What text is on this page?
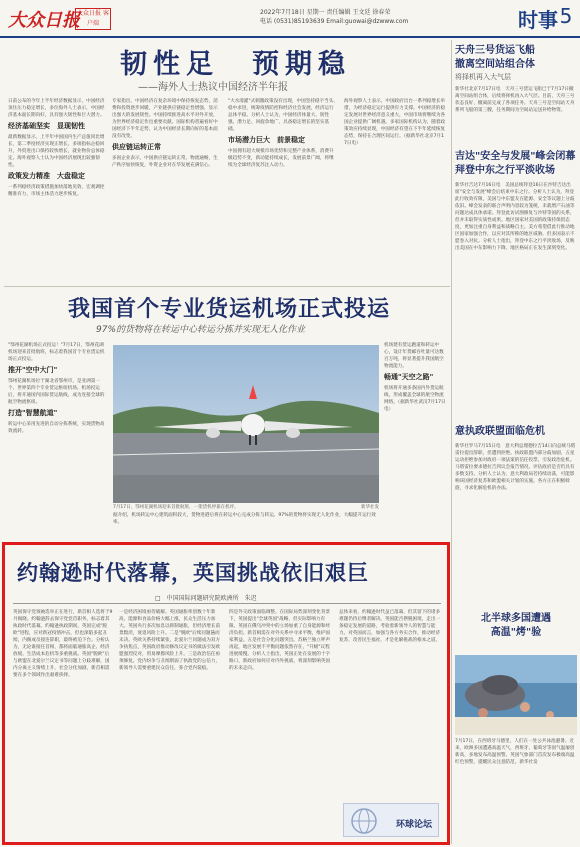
大众日报
大众日报 客户端
2022年7月18日 星期一 责任编辑 王文廷 徐春荣
电话 (0531)85193639 Email:guowai@dzwww.com	时事 5
韧性足　预期稳
——海外人士热议中国经济半年报
日前公布的今年上半年经济数据显示，中国经济顶住压力稳定增长，多位海外人士表示，中国经济基本面长期向好，具有强大韧性和巨大潜力。
经济基础坚实　显现韧性
最新数据显示，上半年中国国内生产总值同比增长，第二季度经济实现正增长，多项指标企稳回升，外贸进出口保持较快增长，就业物价总体稳定。海外观察人士认为中国经济展现出较强韧性。
政策发力精准　大盘稳定
一系列稳经济政策措施加快落地见效，宏观调控精准有力，市场主体活力逐步恢复。
专家指出，中国经济在复杂环境中保持恢复态势，消费和投资逐步回暖，产业链供应链稳定性增强，显示出强大的发展韧性。中国持续推进高水平对外开放，为世界经济稳定作出重要贡献。国际机构普遍看好中国经济下半年走势，认为中国经济长期向好的基本面没有改变。
供应链运转正常
多国企业表示，中国供应链运转正常，物流通畅，生产秩序加快恢复，外资企业对在华发展充满信心。
"大水漫灌"式刺激政策没有出现，中国坚持稳字当头、稳中求进，统筹疫情防控和经济社会发展，经济运行总体平稳。分析人士认为，中国经济体量大、韧性强、潜力足、回旋余地广，具备稳定增长的坚实基础。
市场潜力巨大　前景稳定
中国拥有超大规模市场优势和完整产业体系，消费升级趋势不变，新动能持续成长，发展前景广阔，将继续为全球经济复苏注入动力。
海外观察人士表示，中国政府出台一系列稳增长举措，为经济稳定运行提供有力支撑。中国经济的稳定发展对世界经济意义重大，中国市场将继续为各国企业提供广阔机遇。多家国际机构认为，随着政策效应持续显现，中国经济有望在下半年延续恢复态势，保持在合理区间运行。（据新华社北京7月17日电）
天舟三号货运飞船
撤离空间站组合体
将择机再入大气层
新华社北京7月17日电　天舟三号货运飞船已于7月17日撤离空间站组合体，后续将择机再入大气层。目前，天舟三号状态良好，撤离前完成了各项任务。天舟三号是空间站天舟系列飞船的第三艘，任务期间为空间站运送补给物资。
吉达"安全与发展"峰会闭幕
拜登中东之行平淡收场
新华社吉达7月16日电　美国总统拜登16日在沙特吉达出席"安全与发展"峰会后结束中东之行。分析人士认为，拜登此行收效有限，美国与中东盟友在能源、安全等议题上分歧依旧。峰会发表的联合声明内容较为笼统，未就增产石油等问题达成具体承诺。拜登此访试图修复与沙特等国的关系，但并未取得实质性成果。地区国家对美国的政策持保留态度，更加注重自身利益和战略自主。美方希望借此行推动地区国家加强合作，以应对其所称的地区威胁，但多国表示不愿卷入对抗。分析人士指出，拜登中东之行平淡收场，反映出美国在中东影响力下降，地区格局正在发生深刻变化。
意执政联盟面临危机
新华社罗马7月15日电　意大利总理德拉吉14日向总统马塔雷拉提出辞职，但遭到拒绝。执政联盟内部分歧加剧，五星运动拒绝参加对政府一项法案的信任投票，引发政治危机。马塔雷拉要求德拉吉到议会报告情况，评估政府是否仍具有多数支持。分析人士认为，意大利政局若持续动荡，可能影响该国经济复苏和欧盟相关计划的实施。各方正在积极斡旋，寻求化解危机的办法。
北半球多国遭遇
高温"烤"验
7月17日，在西班牙马德里，人们在一处公共泳池避暑。近来，欧洲多国遭遇高温天气，西班牙、葡萄牙等国气温屡创新高，多地发布高温预警。英国气象部门首次发布极端高温红色预警，提醒民众注意防范。新华社发
我国首个专业货运机场正式投运
97%的货物将在转运中心转运分拣并实现无人化作业
"鄂州花湖机场正式投运！"7月17日，鄂州花湖机场迎来首批航班，标志着我国首个专业货运机场正式投运。
推开"空中大门"
鄂州花湖机场位于湖北省鄂州市，是亚洲第一个、世界第四个专业货运枢纽机场。机场投运后，将开通国内国际货运航线，成为连接全球的航空物流枢纽。
打造"智慧航道"
转运中心采用先进的自动分拣系统，实现货物高效流转。
7月17日，鄂州花湖机场迎来首批航班，一架货机停靠在机坪。	新华社发
机场建有货运跑道和转运中心，设计年货邮吞吐量可达数百万吨，将显著提升我国航空物流能力。
畅通"天空之路"
机场将开通多条国内外货运航线，形成覆盖全球的航空物流网络。（据新华社武汉7月17日电）
据介绍，机场转运中心建筑面积较大，货物进港后将在转运中心完成分拣与转运，97%的货物将实现无人化作业，大幅提升运行效率。
约翰逊时代落幕，英国挑战依旧艰巨
□　中国国际问题研究院欧洲所　朱迟
英国保守党领袖选举正在进行，新首相人选将于9月揭晓。约翰逊辞去保守党党首职务，标志着其执政时代落幕。约翰逊执政期间，英国完成"脱欧"进程，应对新冠疫情冲击，但也深陷多起丑闻，内阁成员接连辞职，最终被迫下台。分析认为，无论谁接任首相，都将面临通胀高企、经济放缓、生活成本危机等多重挑战。英国"脱欧"后与欧盟在北爱尔兰议定书等问题上分歧难解，国内分离主义情绪上升，社会分化加剧，新首相需要在多个领域作出艰难抉择。
一是经济困境亟待破解。英国通胀率创数十年新高，能源和食品价格大幅上涨，民众生活压力加大。英国央行多次加息以抑制通胀，但经济增长前景黯淡，衰退风险上升。二是"脱欧"后续问题悬而未决。英欧关系持续紧张，北爱尔兰问题成为双方争执焦点，英国政府推动修改议定书的做法引发欧盟强烈反对，贸易摩擦风险上升。三是政治信任亟须修复。党内纷争与丑闻削弱了执政党的公信力，新领导人需要重建民众信任，弥合党内裂痕。
四是外交政策面临调整。在国际局势深刻变化背景下，英国提出"全球英国"战略，但实际影响力有限。英国在俄乌冲突中的立场加重了自身能源和经济负担。新首相需在对外关系中寻求平衡，维护国家利益。五是社会分化问题突出。苏格兰独立呼声再起，地区发展不平衡问题依然存在，"升级"议程进展缓慢。分析人士指出，英国正处在发展的十字路口，新政府如何应对内外挑战，将深刻影响英国的未来走向。
总体来看，约翰逊时代虽已落幕，但其留下的诸多难题仍待后继者解决。英国能否摆脱困境，走出一条稳定发展的道路，考验着新领导人的智慧与能力。对英国而言，加强与各方务实合作，推动经济复苏，改善民生福祉，才是化解挑战的根本之道。
环球论坛
